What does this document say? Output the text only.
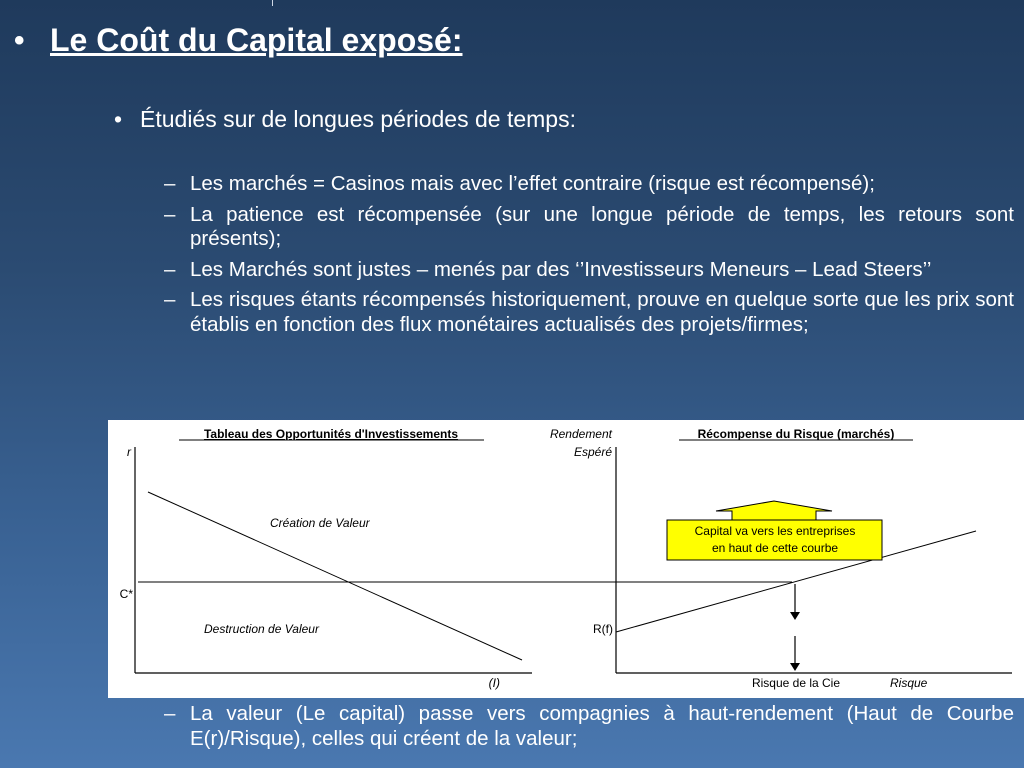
• Le Coût du Capital exposé:
• Étudiés sur de longues périodes de temps:
– Les marchés = Casinos mais avec l’effet contraire (risque est récompensé);
– La patience est récompensée (sur une longue période de temps, les retours sont présents);
– Les Marchés sont justes – menés par des ‘’Investisseurs Meneurs – Lead Steers’’
– Les risques étants récompensés historiquement, prouve en quelque sorte que les prix sont établis en fonction des flux monétaires actualisés des projets/firmes;
Tableau des Opportunités d'Investissements
r
(I)
C*
Création de Valeur
Destruction de Valeur
Rendement
Espéré
Récompense du Risque (marchés)
R(f)
Risque de la Cie	Risque
Capital va vers les entreprises
en haut de cette courbe
– La valeur (Le capital) passe vers compagnies à haut-rendement (Haut de Courbe E(r)/Risque), celles qui créent de la valeur;
